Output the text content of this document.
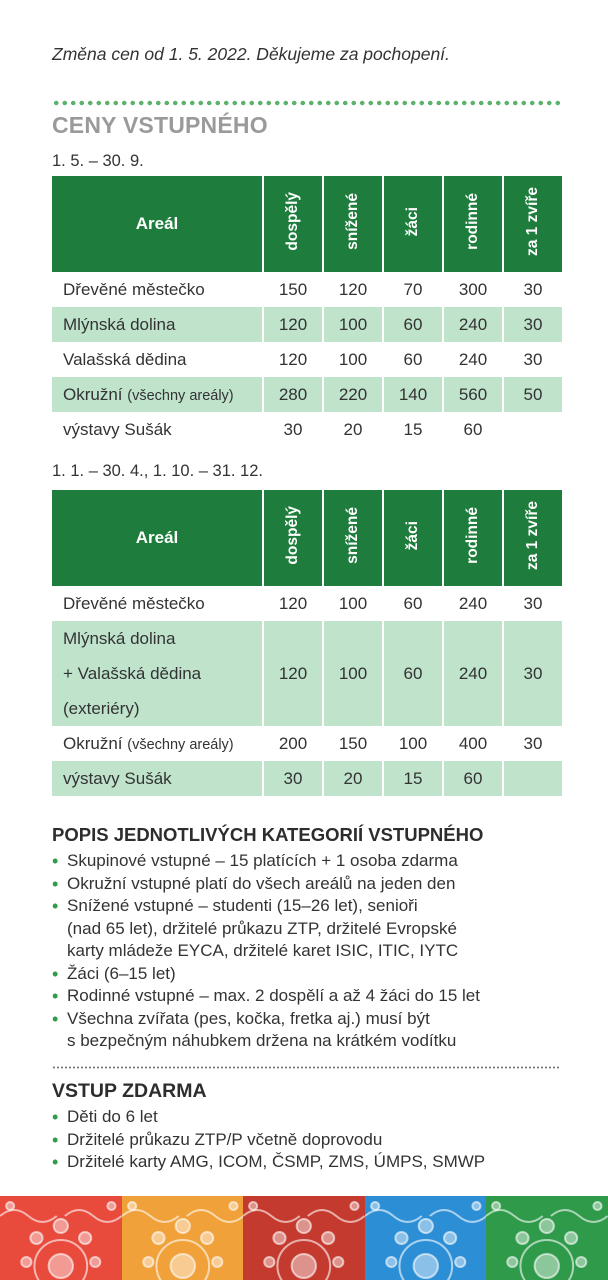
Změna cen od 1. 5. 2022. Děkujeme za pochopení.
CENY VSTUPNÉHO
1. 5. – 30. 9.
Areál	dospělý	snížené	žáci	rodinné	za 1 zvíře
Dřevěné městečko	150	120	70	300	30
Mlýnská dolina	120	100	60	240	30
Valašská dědina	120	100	60	240	30
Okružní (všechny areály)	280	220	140	560	50
výstavy Sušák	30	20	15	60	
1. 1. – 30. 4., 1. 10. – 31. 12.
Areál	dospělý	snížené	žáci	rodinné	za 1 zvíře
Dřevěné městečko	120	100	60	240	30

Mlýnská dolina
+ Valašská dědina
(exteriéry)	120	100	60	240	30
Okružní (všechny areály)	200	150	100	400	30
výstavy Sušák	30	20	15	60	
POPIS JEDNOTLIVÝCH KATEGORIÍ VSTUPNÉHO
• Skupinové vstupné – 15 platících + 1 osoba zdarma
• Okružní vstupné platí do všech areálů na jeden den
• Snížené vstupné – studenti (15–26 let), senioři
(nad 65 let), držitelé průkazu ZTP, držitelé Evropské
karty mládeže EYCA, držitelé karet ISIC, ITIC, IYTC
• Žáci (6–15 let)
• Rodinné vstupné – max. 2 dospělí a až 4 žáci do 15 let
• Všechna zvířata (pes, kočka, fretka aj.) musí být
s bezpečným náhubkem držena na krátkém vodítku
VSTUP ZDARMA
• Děti do 6 let
• Držitelé průkazu ZTP/P včetně doprovodu
• Držitelé karty AMG, ICOM, ČSMP, ZMS, ÚMPS, SMWP
